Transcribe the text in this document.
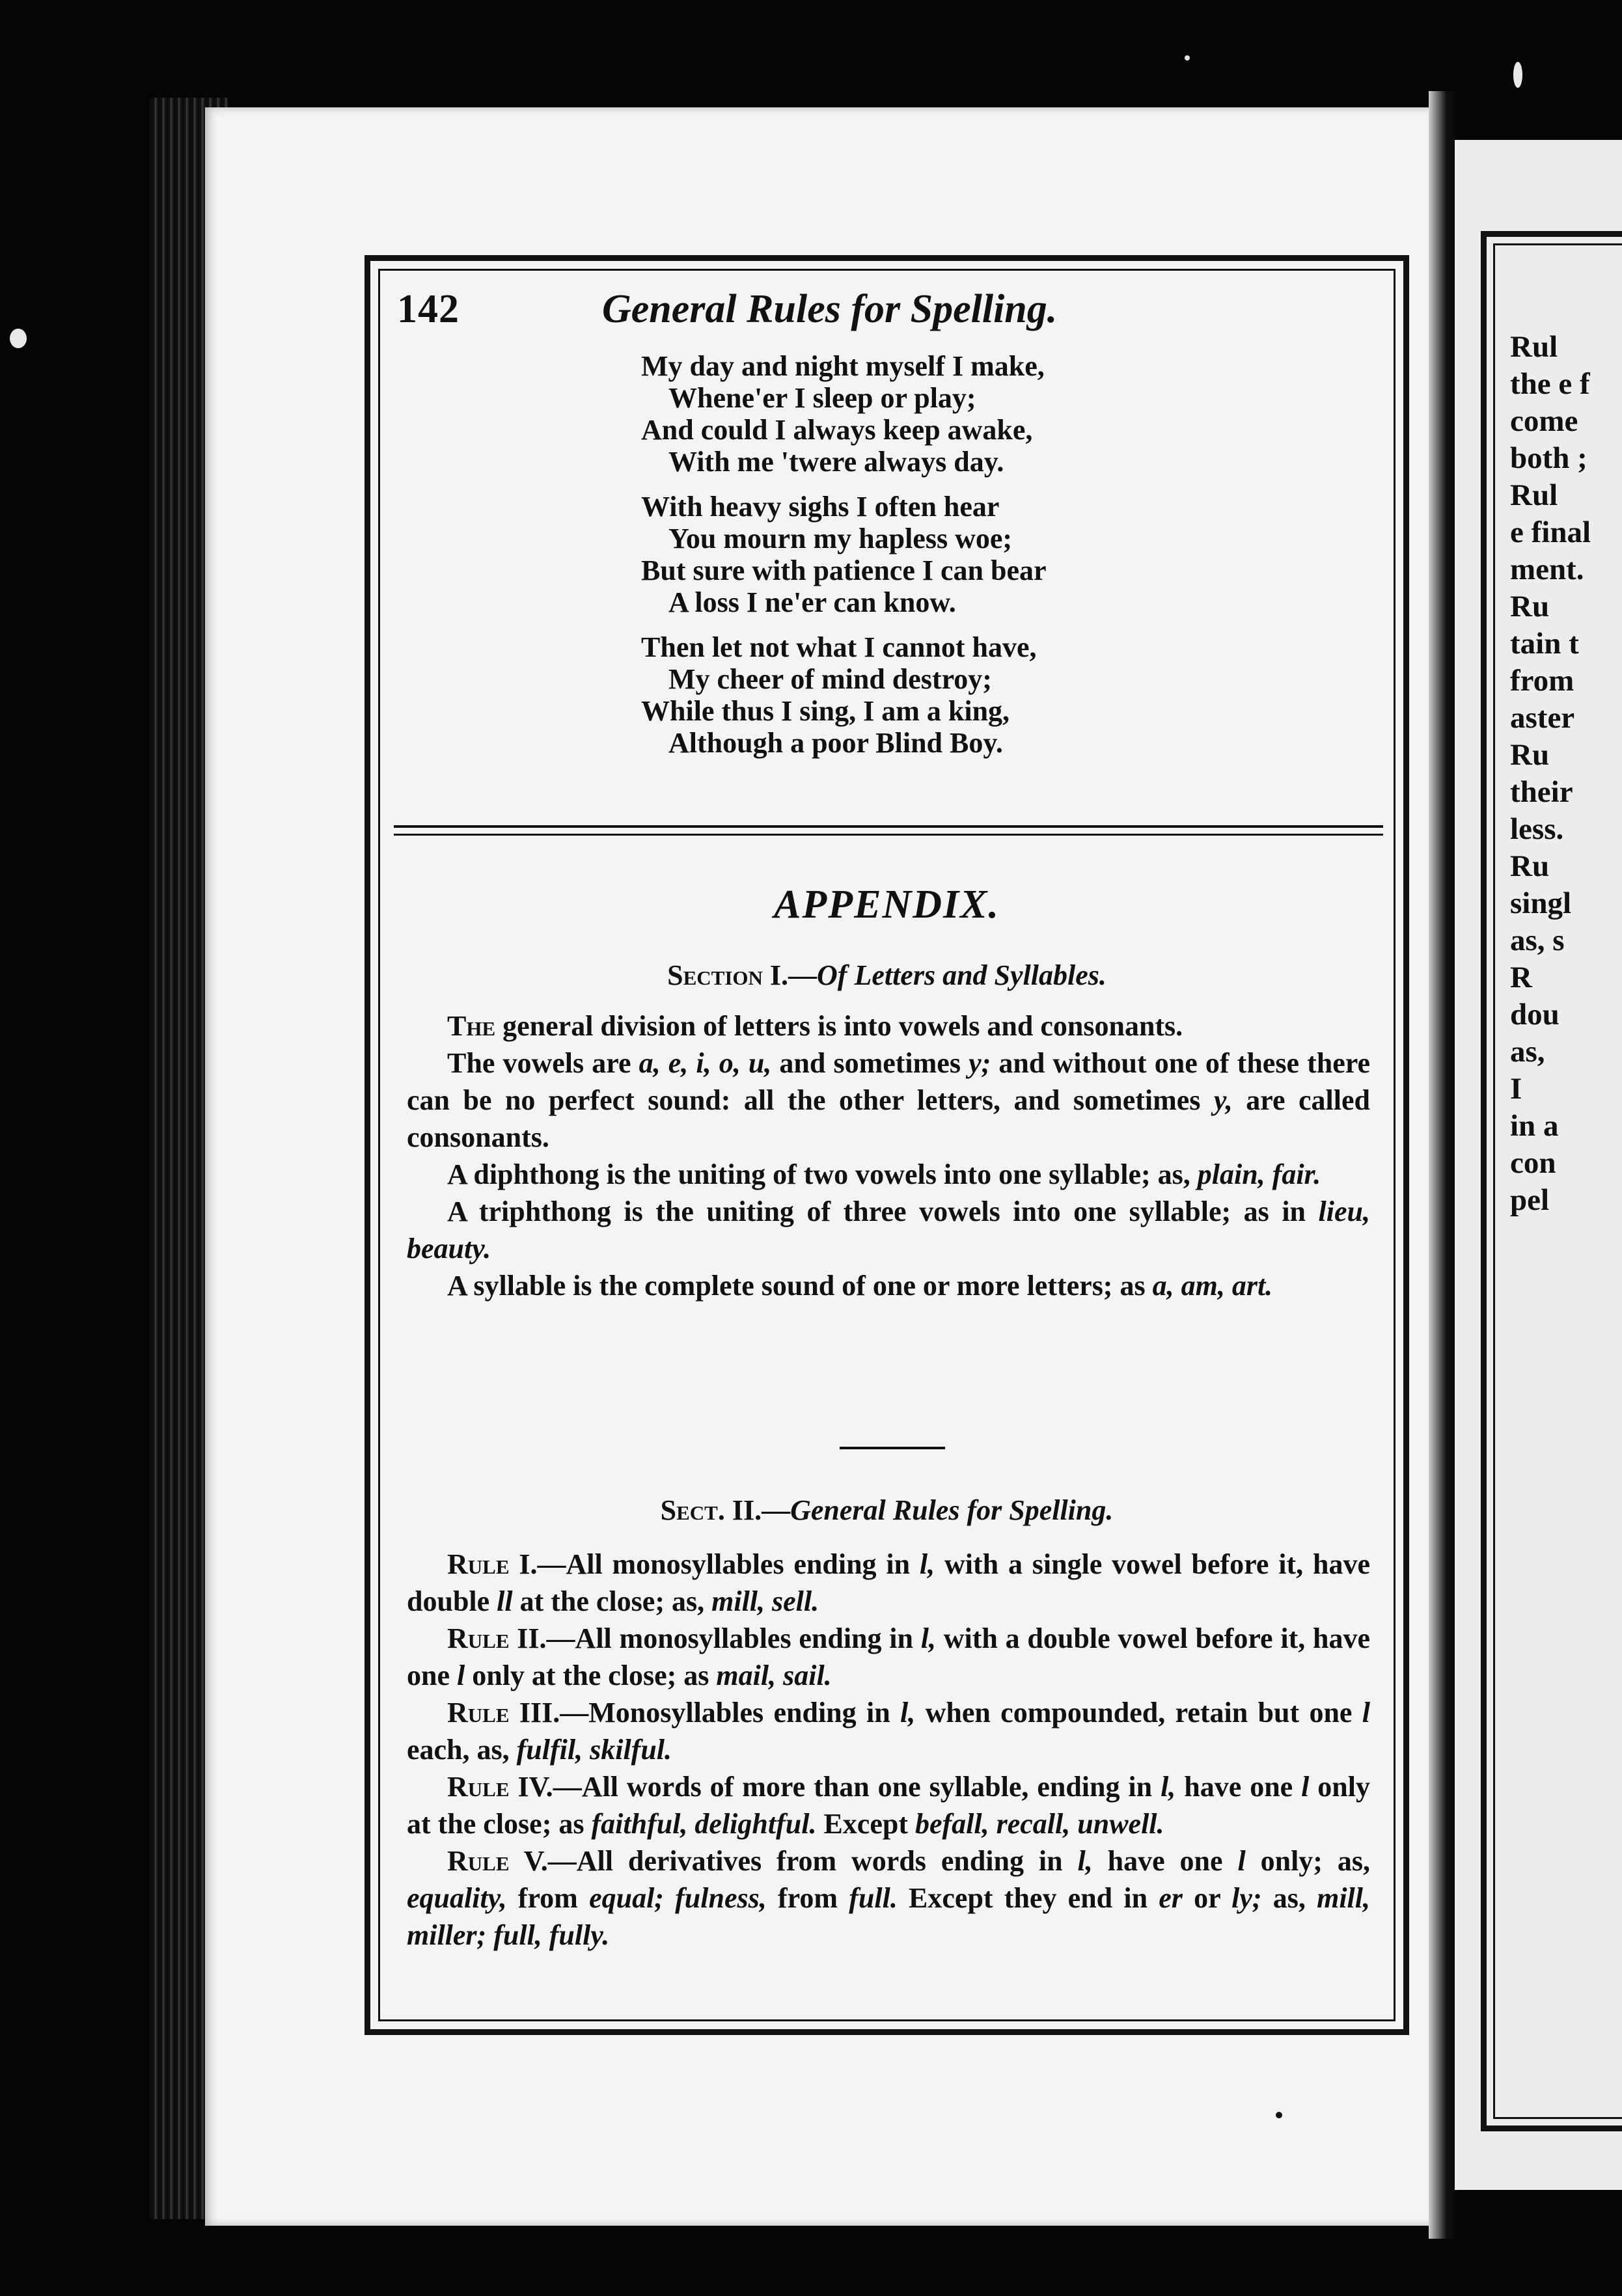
Rul
the e f
come
both ;
Rul
e final
ment.
Ru
tain t
from
aster
Ru
their
less.
Ru
singl
as, s
R
dou
as,
I
in a
con
pel
142	General Rules for Spelling.
My day and night myself I make,
Whene'er I sleep or play;
And could I always keep awake,
With me 'twere always day.
With heavy sighs I often hear
You mourn my hapless woe;
But sure with patience I can bear
A loss I ne'er can know.
Then let not what I cannot have,
My cheer of mind destroy;
While thus I sing, I am a king,
Although a poor Blind Boy.
APPENDIX.
Section I.—Of Letters and Syllables.

The general division of letters is into vowels and consonants.

The vowels are a, e, i, o, u, and sometimes y; and without one of these there can be no perfect sound: all the other letters, and sometimes y, are called consonants.

A diphthong is the uniting of two vowels into one syllable; as, plain, fair.

A triphthong is the uniting of three vowels into one syllable; as in lieu, beauty.

A syllable is the complete sound of one or more letters; as a, am, art.

Sect. II.—General Rules for Spelling.

Rule I.—All monosyllables ending in l, with a single vowel before it, have double ll at the close; as, mill, sell.

Rule II.—All monosyllables ending in l, with a double vowel before it, have one l only at the close; as mail, sail.

Rule III.—Monosyllables ending in l, when compounded, retain but one l each, as, fulfil, skilful.

Rule IV.—All words of more than one syllable, ending in l, have one l only at the close; as faithful, delightful. Except befall, recall, unwell.

Rule V.—All derivatives from words ending in l, have one l only; as, equality, from equal; fulness, from full. Except they end in er or ly; as, mill, miller; full, fully.
